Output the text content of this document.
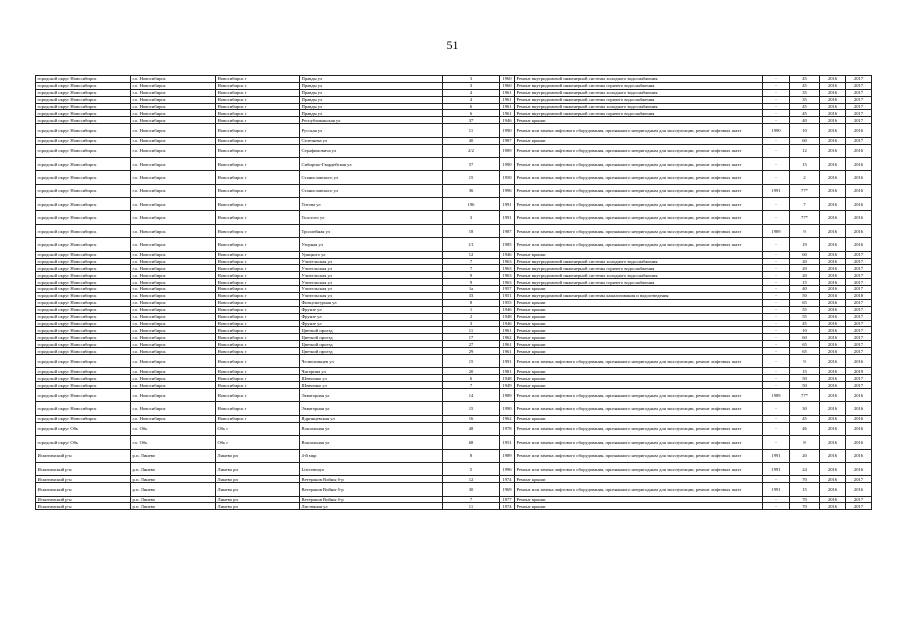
51
городской округ Новосибирск	г.о. Новосибирск	Новосибирск г	Правды ул	3	1960	Ремонт внутридомовой инженерной системы холодного водоснабжения	-	45	2016	2017
городской округ Новосибирск	г.о. Новосибирск	Новосибирск г	Правды ул	3	1960	Ремонт внутридомовой инженерной системы горячего водоснабжения	-	45	2016	2017
городской округ Новосибирск	г.о. Новосибирск	Новосибирск г	Правды ул	4	1961	Ремонт внутридомовой инженерной системы холодного водоснабжения	-	35	2016	2017
городской округ Новосибирск	г.о. Новосибирск	Новосибирск г	Правды ул	4	1961	Ремонт внутридомовой инженерной системы горячего водоснабжения	-	35	2016	2017
городской округ Новосибирск	г.о. Новосибирск	Новосибирск г	Правды ул	6	1961	Ремонт внутридомовой инженерной системы холодного водоснабжения	-	45	2016	2017
городской округ Новосибирск	г.о. Новосибирск	Новосибирск г	Правды ул	6	1961	Ремонт внутридомовой инженерной системы горячего водоснабжения	-	45	2016	2017
городской округ Новосибирск	г.о. Новосибирск	Новосибирск г	Республиканская ул	37	1946	Ремонт крыши	-	40	2016	2017
городской округ Новосибирск	г.о. Новосибирск	Новосибирск г	Русская ул	11	1990	Ремонт или замена лифтового оборудования, признанного непригодным для эксплуатации, ремонт лифтовых шахт	1990	10	2016	2016
городской округ Новосибирск	г.о. Новосибирск	Новосибирск г	Селезнева ул	40	1987	Ремонт крыши	-	60	2016	2017
городской округ Новосибирск	г.о. Новосибирск	Новосибирск г	Серафимовича ул	2/2	1989	Ремонт или замена лифтового оборудования, признанного непригодным для эксплуатации, ремонт лифтовых шахт	-	12	2016	2016
городской округ Новосибирск	г.о. Новосибирск	Новосибирск г	Сибирско-Гвардейская ул	57	1990	Ремонт или замена лифтового оборудования, признанного непригодным для эксплуатации, ремонт лифтовых шахт	-	15	2016	2016
городской округ Новосибирск	г.о. Новосибирск	Новосибирск г	Станиславского ул	15	1950	Ремонт или замена лифтового оборудования, признанного непригодным для эксплуатации, ремонт лифтовых шахт	-	2	2016	2016
городской округ Новосибирск	г.о. Новосибирск	Новосибирск г	Станиславского ул	36	1996	Ремонт или замена лифтового оборудования, признанного непригодным для эксплуатации, ремонт лифтовых шахт	1991	77*	2016	2016
городской округ Новосибирск	г.о. Новосибирск	Новосибирск г	Титова ул	196	1991	Ремонт или замена лифтового оборудования, признанного непригодным для эксплуатации, ремонт лифтовых шахт	-	7	2016	2016
городской округ Новосибирск	г.о. Новосибирск	Новосибирск г	Толстого ул	3	1991	Ремонт или замена лифтового оборудования, признанного непригодным для эксплуатации, ремонт лифтовых шахт	-	77*	2016	2016
городской округ Новосибирск	г.о. Новосибирск	Новосибирск г	Троллейная ул	18	1987	Ремонт или замена лифтового оборудования, признанного непригодным для эксплуатации, ремонт лифтовых шахт	1989	9	2016	2016
городской округ Новосибирск	г.о. Новосибирск	Новосибирск г	Узорная ул	1/1	1985	Ремонт или замена лифтового оборудования, признанного непригодным для эксплуатации, ремонт лифтовых шахт	-	19	2016	2016
городской округ Новосибирск	г.о. Новосибирск	Новосибирск г	Урицкого ул	12	1946	Ремонт крыши	-	60	2016	2017
городской округ Новосибирск	г.о. Новосибирск	Новосибирск г	Учительская ул	7	1963	Ремонт внутридомовой инженерной системы холодного водоснабжения	-	20	2016	2017
городской округ Новосибирск	г.о. Новосибирск	Новосибирск г	Учительская ул	7	1963	Ремонт внутридомовой инженерной системы горячего водоснабжения	-	20	2016	2017
городской округ Новосибирск	г.о. Новосибирск	Новосибирск г	Учительская ул	9	1963	Ремонт внутридомовой инженерной системы холодного водоснабжения	-	20	2016	2017
городской округ Новосибирск	г.о. Новосибирск	Новосибирск г	Учительская ул	9	1963	Ремонт внутридомовой инженерной системы горячего водоснабжения	-	15	2016	2017
городской округ Новосибирск	г.о. Новосибирск	Новосибирск г	Учительская ул	1а	1957	Ремонт крыши	-	40	2016	2017
городской округ Новосибирск	г.о. Новосибирск	Новосибирск г	Учительская ул	33	1951	Ремонт внутридомовой инженерной системы канализования и водоотведения	-	50	2016	2018
городской округ Новосибирск	г.о. Новосибирск	Новосибирск г	Физкультурная ул	8	1955	Ремонт крыши	-	65	2016	2017
городской округ Новосибирск	г.о. Новосибирск	Новосибирск г	Фрунзе ул	1	1946	Ремонт крыши	-	55	2016	2017
городской округ Новосибирск	г.о. Новосибирск	Новосибирск г	Фрунзе ул	2	1948	Ремонт крыши	-	55	2016	2017
городской округ Новосибирск	г.о. Новосибирск	Новосибирск г	Фрунзе ул	3	1946	Ремонт крыши	-	45	2016	2017
городской округ Новосибирск	г.о. Новосибирск	Новосибирск г	Цветной проезд	11	1961	Ремонт крыши	-	10	2016	2017
городской округ Новосибирск	г.о. Новосибирск	Новосибирск г	Цветной проезд	17	1962	Ремонт крыши	-	60	2016	2017
городской округ Новосибирск	г.о. Новосибирск	Новосибирск г	Цветной проезд	27	1961	Ремонт крыши	-	65	2016	2017
городской округ Новосибирск	г.о. Новосибирск	Новосибирск г	Цветной проезд	29	1961	Ремонт крыши	-	65	2016	2017
городской округ Новосибирск	г.о. Новосибирск	Новосибирск г	Челюскинцев ул	15	1991	Ремонт или замена лифтового оборудования, признанного непригодным для эксплуатации, ремонт лифтовых шахт	-	9	2016	2016
городской округ Новосибирск	г.о. Новосибирск	Новосибирск г	Чигорина ул	20	1981	Ремонт крыши	-	15	2016	2019
городской округ Новосибирск	г.о. Новосибирск	Новосибирск г	Шевченко ул	6	1948	Ремонт крыши	-	50	2016	2017
городской округ Новосибирск	г.о. Новосибирск	Новосибирск г	Шевченко ул	7	1949	Ремонт крыши	-	50	2016	2017
городской округ Новосибирск	г.о. Новосибирск	Новосибирск г	Экваторная ул	14	1989	Ремонт или замена лифтового оборудования, признанного непригодным для эксплуатации, ремонт лифтовых шахт	1989	77*	2016	2016
городской округ Новосибирск	г.о. Новосибирск	Новосибирск г	Экваторная ул	15	1990	Ремонт или замена лифтового оборудования, признанного непригодным для эксплуатации, ремонт лифтовых шахт	-	30	2016	2016
городской округ Новосибирск	г.о. Новосибирск	Новосибирск г	Ядринцевская ул	16	1962	Ремонт крыши	-	45	2016	2016
городской округ Обь	г.о. Обь	Обь г	Вокзальная ул	48	1978	Ремонт или замена лифтового оборудования, признанного непригодным для эксплуатации, ремонт лифтовых шахт	-	46	2016	2016
городской округ Обь	г.о. Обь	Обь г	Вокзальная ул	68	1951	Ремонт или замена лифтового оборудования, признанного непригодным для эксплуатации, ремонт лифтовых шахт	-	8	2016	2016
Искитимский р-н	р.п. Линево	Линево рп	4-й мкр	8	1989	Ремонт или замена лифтового оборудования, признанного непригодным для эксплуатации, ремонт лифтовых шахт	1991	20	2016	2016
Искитимский р-н	р.п. Линево	Линево рп	Listvennaya	5	1996	Ремонт или замена лифтового оборудования, признанного непригодным для эксплуатации, ремонт лифтовых шахт	1991	24	2016	2016
Искитимский р-н	р.п. Линево	Линево рп	Ветеранов Войны б-р	12	1974	Ремонт крыши	-	70	2016	2017
Искитимский р-н	р.п. Линево	Линево рп	Ветеранов Войны б-р	30	1969	Ремонт или замена лифтового оборудования, признанного непригодным для эксплуатации, ремонт лифтовых шахт	1991	15	2016	2016
Искитимский р-н	р.п. Линево	Линево рп	Ветеранов Войны б-р	7	1977	Ремонт крыши	-	70	2016	2017
Искитимский р-н	р.п. Линево	Линево рп	Листвяная ул	11	1974	Ремонт крыши	-	70	2016	2017
